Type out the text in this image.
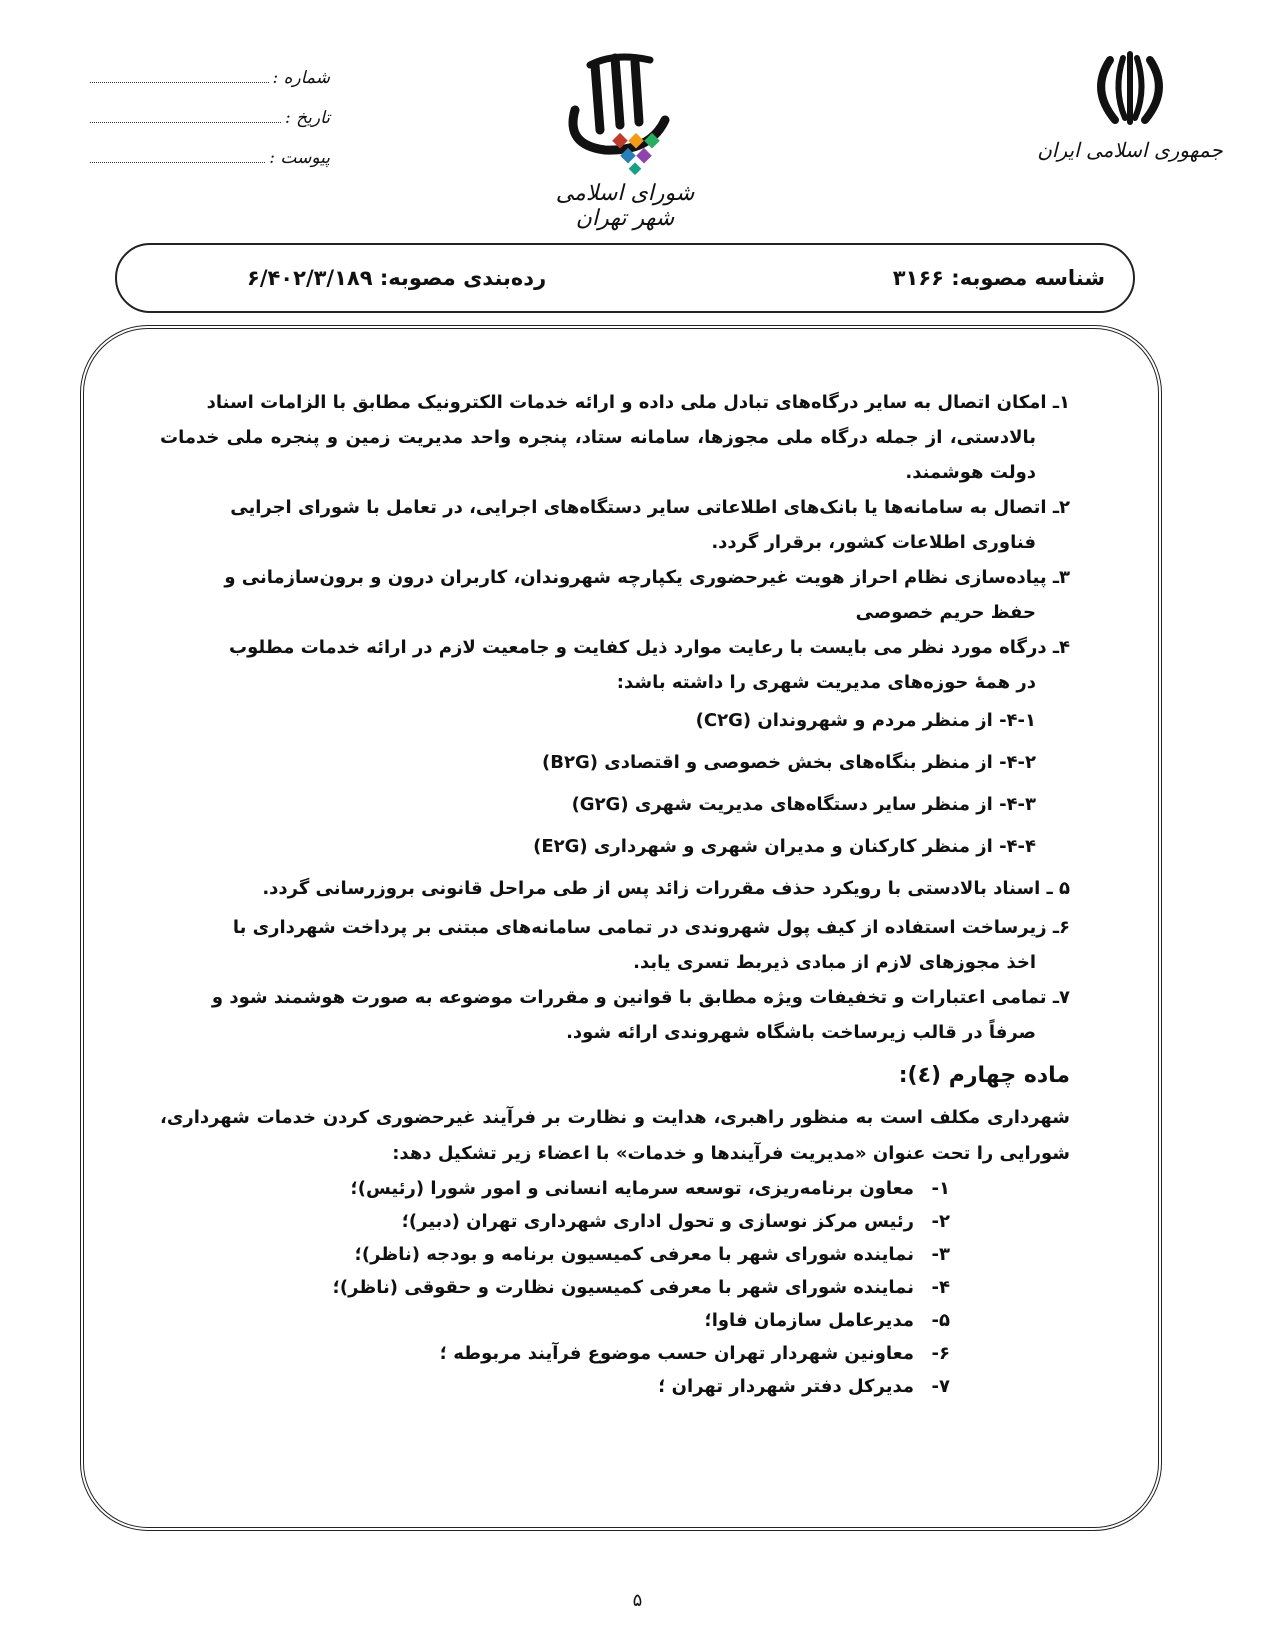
شماره :
تاریخ :
پیوست :
شورای اسلامی شهر تهران
جمهوری اسلامی ایران
شناسه مصوبه: ۳۱۶۶
رده‌بندی مصوبه: ۶/۴۰۲/۳/۱۸۹
۱ـ امکان اتصال به سایر درگاه‌های تبادل ملی داده و ارائه خدمات الکترونیک مطابق با الزامات اسناد
بالادستی، از جمله درگاه ملی مجوزها، سامانه ستاد، پنجره واحد مدیریت زمین و پنجره ملی خدمات دولت هوشمند.
۲ـ اتصال به سامانه‌ها یا بانک‌های اطلاعاتی سایر دستگاه‌های اجرایی، در تعامل با شورای اجرایی
فناوری اطلاعات کشور، برقرار گردد.
۳ـ پیاده‌سازی نظام احراز هویت غیرحضوری یکپارچه شهروندان، کاربران درون و برون‌سازمانی و
حفظ حریم خصوصی
۴ـ درگاه مورد نظر می بایست با رعایت موارد ذیل کفایت و جامعیت لازم در ارائه خدمات مطلوب
در همهٔ حوزه‌های مدیریت شهری را داشته باشد:
۴-۱- از منظر مردم و شهروندان (C۲G)
۴-۲- از منظر بنگاه‌های بخش خصوصی و اقتصادی (B۲G)
۴-۳- از منظر سایر دستگاه‌های مدیریت شهری (G۲G)
۴-۴- از منظر کارکنان و مدیران شهری و شهرداری (E۲G)
۵ ـ اسناد بالادستی با رویکرد حذف مقررات زائد پس از طی مراحل قانونی بروزرسانی گردد.
۶ـ زیرساخت استفاده از کیف پول شهروندی در تمامی سامانه‌های مبتنی بر پرداخت شهرداری با
اخذ مجوزهای لازم از مبادی ذیربط تسری یابد.
۷ـ تمامی اعتبارات و تخفیفات ویژه مطابق با قوانین و مقررات موضوعه به صورت هوشمند شود و
صرفاً در قالب زیرساخت باشگاه شهروندی ارائه شود.
ماده چهارم (٤):
شهرداری مکلف است به منظور راهبری، هدایت و نظارت بر فرآیند غیرحضوری کردن خدمات شهرداری، شورایی را تحت عنوان «مدیریت فرآیندها و خدمات» با اعضاء زیر تشکیل دهد:
۱-معاون برنامه‌ریزی، توسعه سرمایه انسانی و امور شورا (رئیس)؛
۲-رئیس مرکز نوسازی و تحول اداری شهرداری تهران (دبیر)؛
۳-نماینده شورای شهر با معرفی کمیسیون برنامه و بودجه (ناظر)؛
۴-نماینده شورای شهر با معرفی کمیسیون نظارت و حقوقی (ناظر)؛
۵-مدیرعامل سازمان فاوا؛
۶-معاونین شهردار تهران حسب موضوع فرآیند مربوطه ؛
۷-مدیرکل دفتر شهردار تهران ؛
۵
